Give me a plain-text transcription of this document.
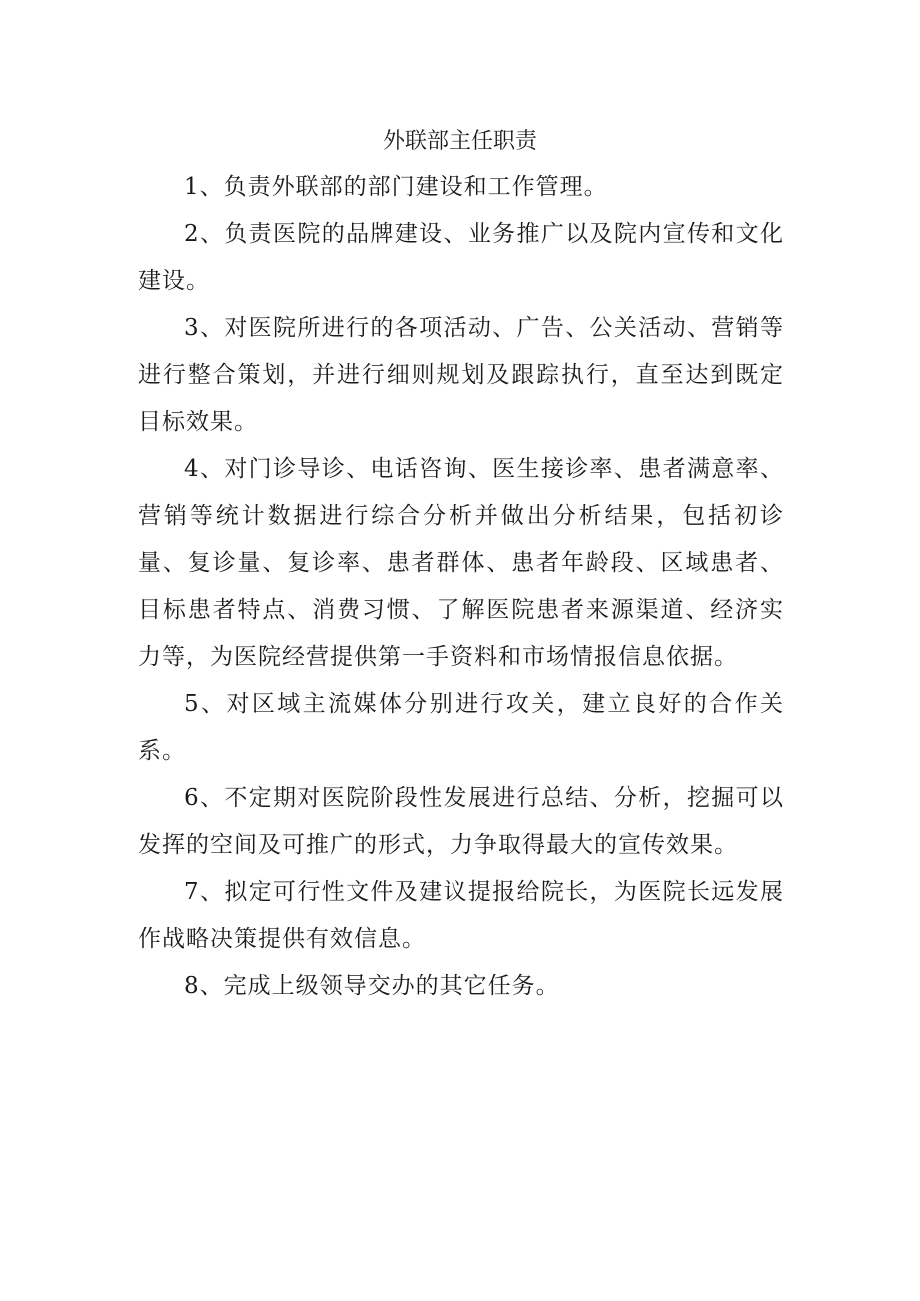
外联部主任职责

1、负责外联部的部门建设和工作管理。

2、负责医院的品牌建设、业务推广以及院内宣传和文化建设。

3、对医院所进行的各项活动、广告、公关活动、营销等进行整合策划，并进行细则规划及跟踪执行，直至达到既定目标效果。

4、对门诊导诊、电话咨询、医生接诊率、患者满意率、营销等统计数据进行综合分析并做出分析结果，包括初诊量、复诊量、复诊率、患者群体、患者年龄段、区域患者、目标患者特点、消费习惯、了解医院患者来源渠道、经济实力等，为医院经营提供第一手资料和市场情报信息依据。

5、对区域主流媒体分别进行攻关，建立良好的合作关系。

6、不定期对医院阶段性发展进行总结、分析，挖掘可以发挥的空间及可推广的形式，力争取得最大的宣传效果。

7、拟定可行性文件及建议提报给院长，为医院长远发展作战略决策提供有效信息。

8、完成上级领导交办的其它任务。
